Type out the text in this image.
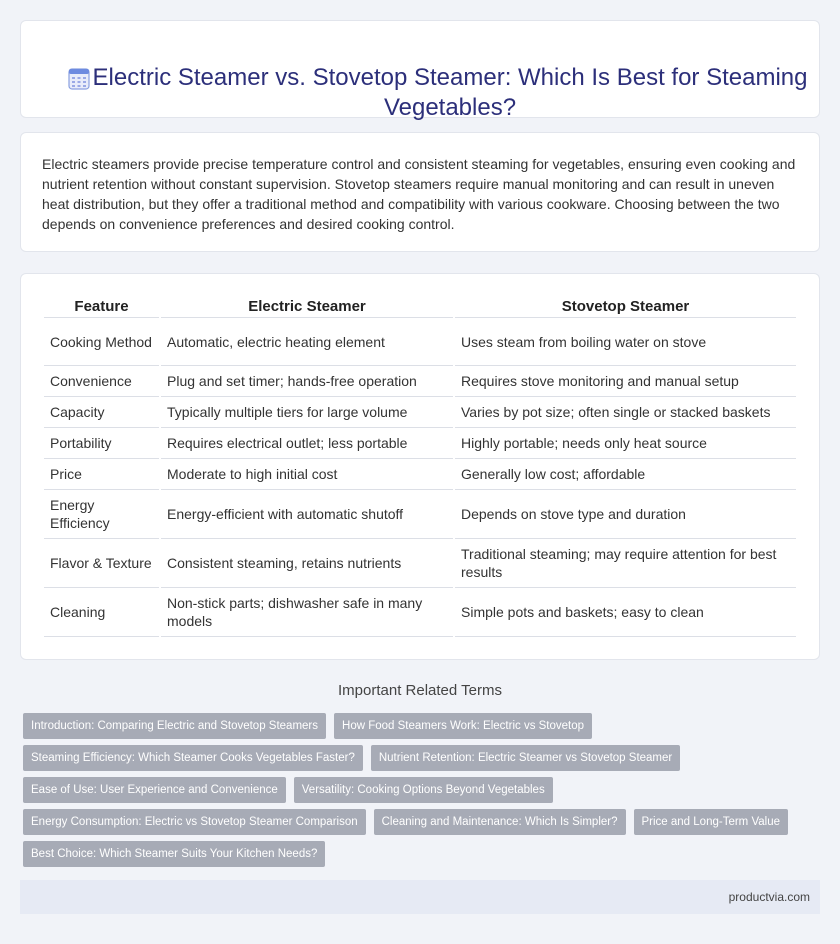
Electric Steamer vs. Stovetop Steamer: Which Is Best for Steaming Vegetables?

Electric steamers provide precise temperature control and consistent steaming for vegetables, ensuring even cooking and nutrient retention without constant supervision. Stovetop steamers require manual monitoring and can result in uneven heat distribution, but they offer a traditional method and compatibility with various cookware. Choosing between the two depends on convenience preferences and desired cooking control.

Feature	Electric Steamer	Stovetop Steamer
Cooking Method	Automatic, electric heating element	Uses steam from boiling water on stove
Convenience	Plug and set timer; hands-free operation	Requires stove monitoring and manual setup
Capacity	Typically multiple tiers for large volume	Varies by pot size; often single or stacked baskets
Portability	Requires electrical outlet; less portable	Highly portable; needs only heat source
Price	Moderate to high initial cost	Generally low cost; affordable
Energy Efficiency	Energy-efficient with automatic shutoff	Depends on stove type and duration
Flavor & Texture	Consistent steaming, retains nutrients	Traditional steaming; may require attention for best results
Cleaning	Non-stick parts; dishwasher safe in many models	Simple pots and baskets; easy to clean
Important Related Terms
Introduction: Comparing Electric and Stovetop Steamers	How Food Steamers Work: Electric vs Stovetop
Steaming Efficiency: Which Steamer Cooks Vegetables Faster?	Nutrient Retention: Electric Steamer vs Stovetop Steamer
Ease of Use: User Experience and Convenience	Versatility: Cooking Options Beyond Vegetables
Energy Consumption: Electric vs Stovetop Steamer Comparison	Cleaning and Maintenance: Which Is Simpler?	Price and Long-Term Value
Best Choice: Which Steamer Suits Your Kitchen Needs?
productvia.com
